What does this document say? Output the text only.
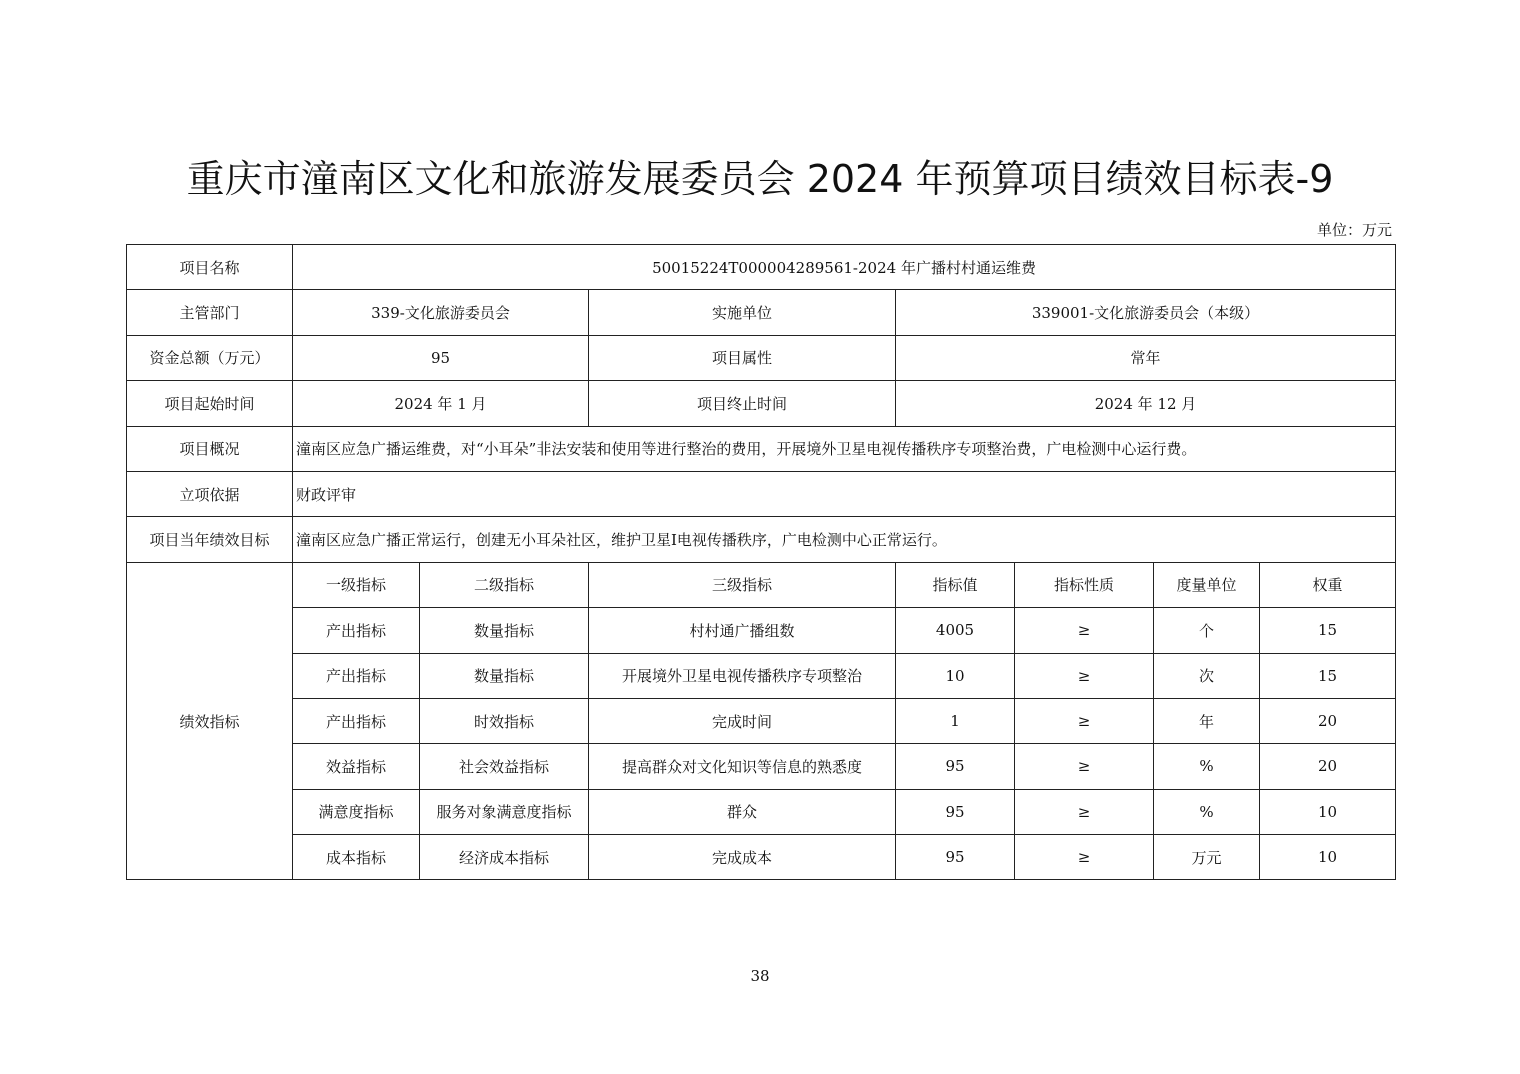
重庆市潼南区文化和旅游发展委员会 2024 年预算项目绩效目标表-9
单位：万元
项目名称	50015224T000004289561-2024 年广播村村通运维费						
主管部门	339-文化旅游委员会		实施单位	339001-文化旅游委员会（本级）			
资金总额（万元）	95		项目属性	常年			
项目起始时间	2024 年 1 月		项目终止时间	2024 年 12 月			
项目概况	潼南区应急广播运维费，对“小耳朵”非法安装和使用等进行整治的费用，开展境外卫星电视传播秩序专项整治费，广电检测中心运行费。						
立项依据	财政评审						
项目当年绩效目标	潼南区应急广播正常运行，创建无小耳朵社区，维护卫星Ⅰ电视传播秩序，广电检测中心正常运行。						
绩效指标	一级指标	二级指标	三级指标	指标值	指标性质	度量单位	权重
	产出指标	数量指标	村村通广播组数	4005	≥	个	15
	产出指标	数量指标	开展境外卫星电视传播秩序专项整治	10	≥	次	15
	产出指标	时效指标	完成时间	1	≥	年	20
	效益指标	社会效益指标	提高群众对文化知识等信息的熟悉度	95	≥	%	20
	满意度指标	服务对象满意度指标	群众	95	≥	%	10
	成本指标	经济成本指标	完成成本	95	≥	万元	10
38
